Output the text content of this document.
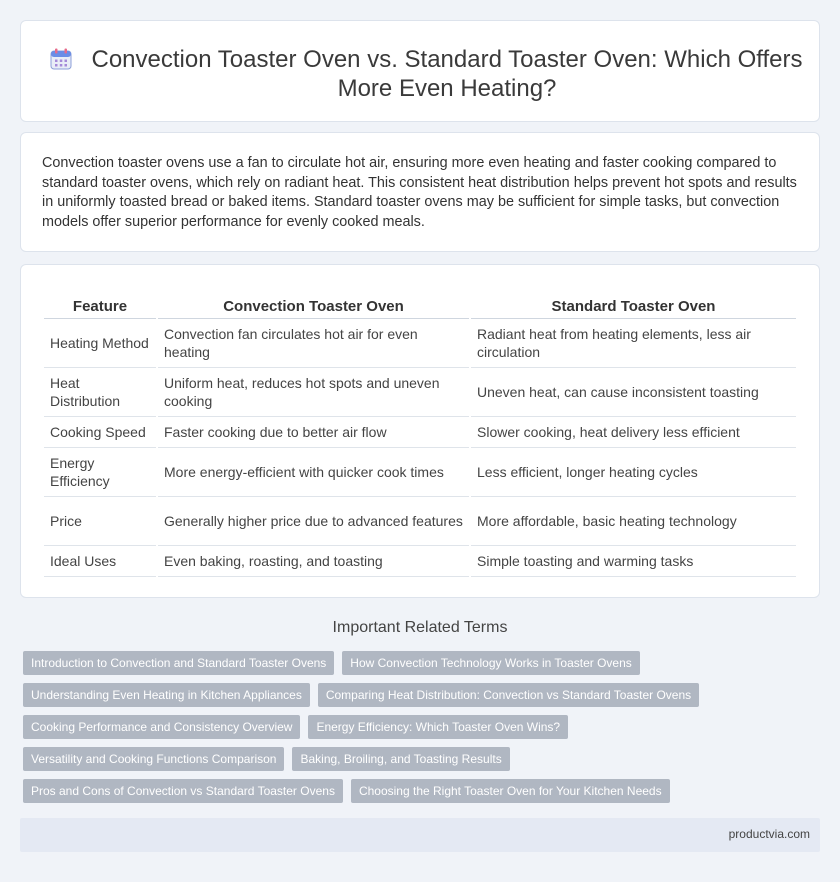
Convection Toaster Oven vs. Standard Toaster Oven: Which Offers More Even Heating?

Convection toaster ovens use a fan to circulate hot air, ensuring more even heating and faster cooking compared to standard toaster ovens, which rely on radiant heat. This consistent heat distribution helps prevent hot spots and results in uniformly toasted bread or baked items. Standard toaster ovens may be sufficient for simple tasks, but convection models offer superior performance for evenly cooked meals.

Feature	Convection Toaster Oven	Standard Toaster Oven
Heating Method	Convection fan circulates hot air for even heating	Radiant heat from heating elements, less air circulation
Heat Distribution	Uniform heat, reduces hot spots and uneven cooking	Uneven heat, can cause inconsistent toasting
Cooking Speed	Faster cooking due to better air flow	Slower cooking, heat delivery less efficient
Energy Efficiency	More energy-efficient with quicker cook times	Less efficient, longer heating cycles
Price	Generally higher price due to advanced features	More affordable, basic heating technology
Ideal Uses	Even baking, roasting, and toasting	Simple toasting and warming tasks
Important Related Terms
Introduction to Convection and Standard Toaster Ovens	How Convection Technology Works in Toaster Ovens
Understanding Even Heating in Kitchen Appliances	Comparing Heat Distribution: Convection vs Standard Toaster Ovens
Cooking Performance and Consistency Overview	Energy Efficiency: Which Toaster Oven Wins?
Versatility and Cooking Functions Comparison	Baking, Broiling, and Toasting Results
Pros and Cons of Convection vs Standard Toaster Ovens	Choosing the Right Toaster Oven for Your Kitchen Needs
productvia.com
